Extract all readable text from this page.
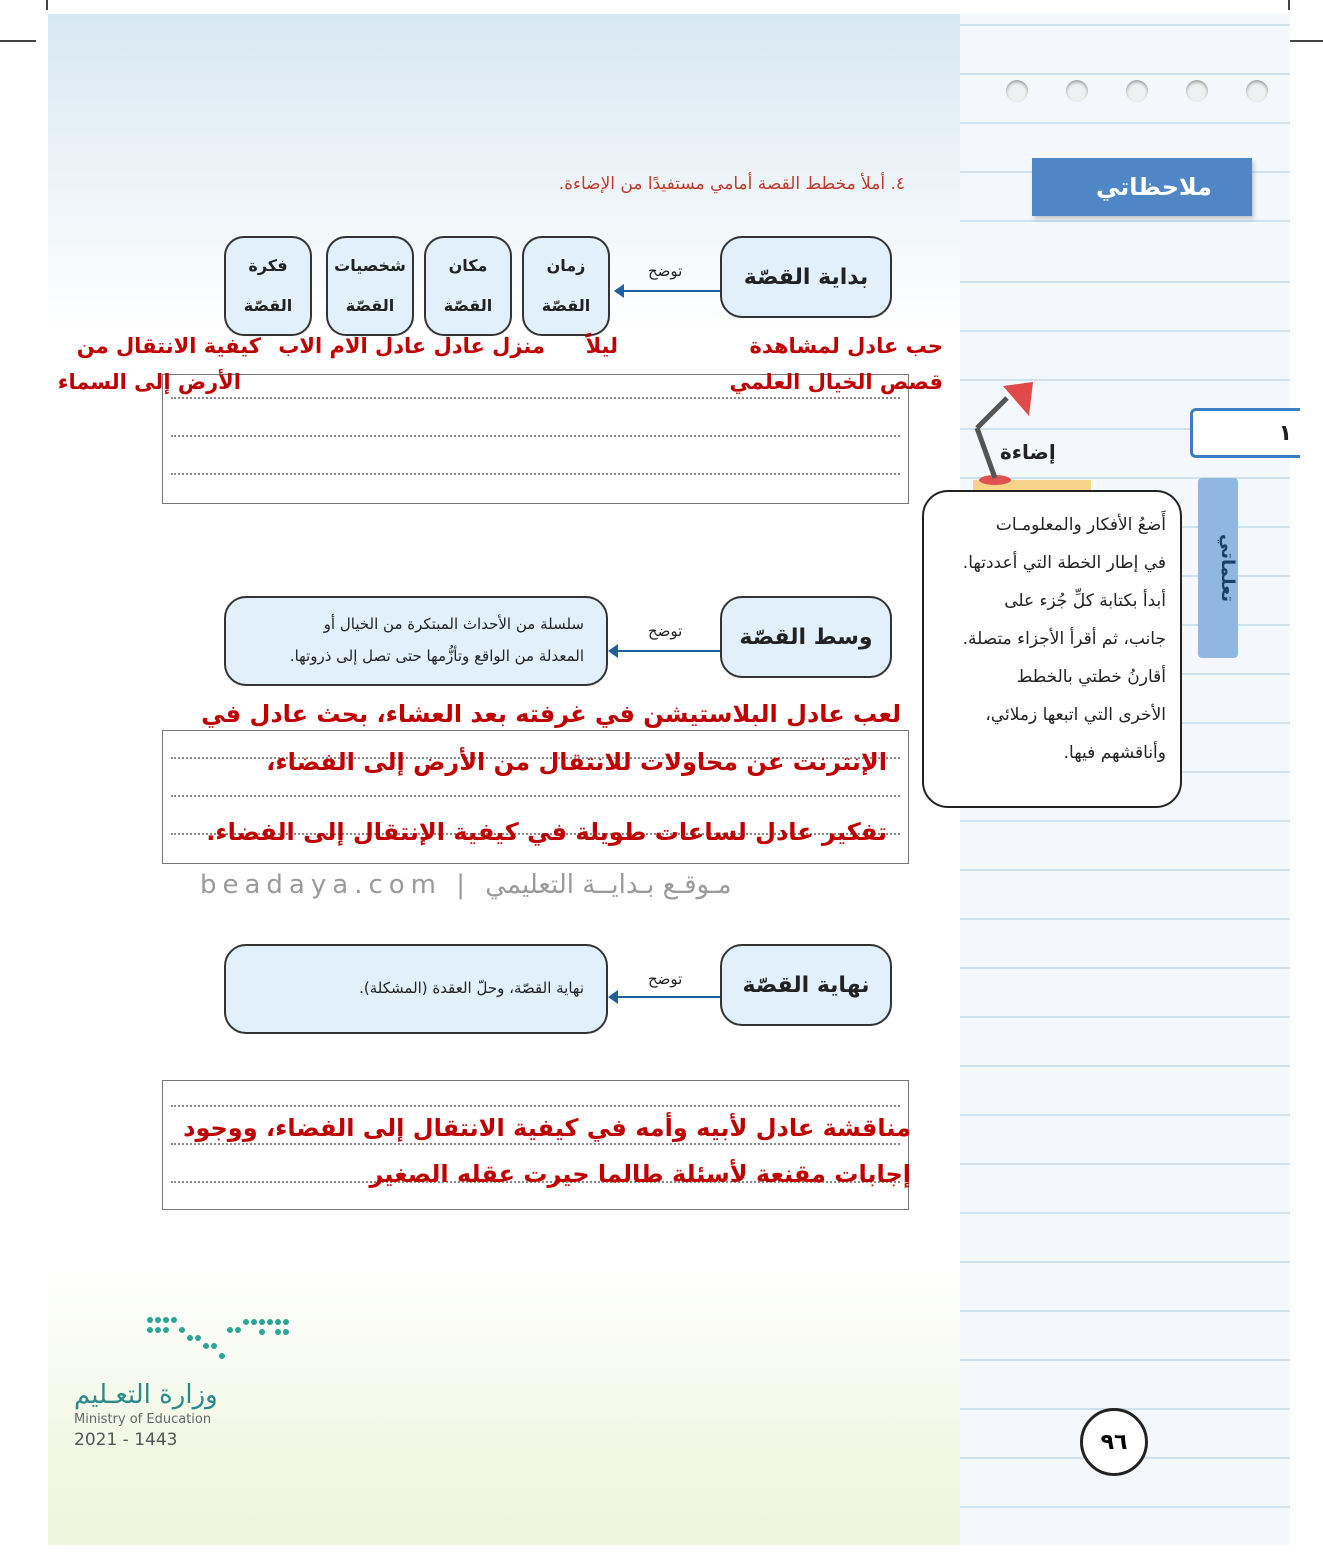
ملاحظاتي
١
تعلماتي
إضاءة
أَضعُ الأفكار والمعلومـات
في إطار الخطة التي أعددتها.
أبدأ بكتابة كلِّ جُزء على
جانب، ثم أقرأ الأجزاء متصلة.
أقارنُ خطتي بالخطط
الأخرى التي اتبعها زملائي،
وأناقشهم فيها.
٩٦
٤. أملأ مخطط القصة أمامي مستفيدًا من الإضاءة.
بداية القصّة
توضح
زمان
القصّة
مكان
القصّة
شخصيات
القصّة
فكرة
القصّة
حب عادل لمشاهدة
قصص الخيال العلمي
ليلاً
منزل عادل عادل الام الاب
كيفية الانتقال من
الأرض إلى السماء
وسط القصّة
توضح
سلسلة من الأحداث المبتكرة من الخيال أو
المعدلة من الواقع وتأزُّمها حتى تصل إلى ذروتها.
لعب عادل البلاستيشن في غرفته بعد العشاء، بحث عادل في
الإنترنت عن محاولات للانتقال من الأرض إلى الفضاء،
تفكير عادل لساعات طويلة في كيفية الإنتقال إلى الفضاء.
beadaya.com | مـوقـع بـدايــة التعليمي
نهاية القصّة
توضح
نهاية القصّة، وحلّ العقدة (المشكلة).
مناقشة عادل لأبيه وأمه في كيفية الانتقال إلى الفضاء، ووجود
إجابات مقنعة لأسئلة طالما حيرت عقله الصغير
وزارة التعـليم
Ministry of Education
2021 - 1443
